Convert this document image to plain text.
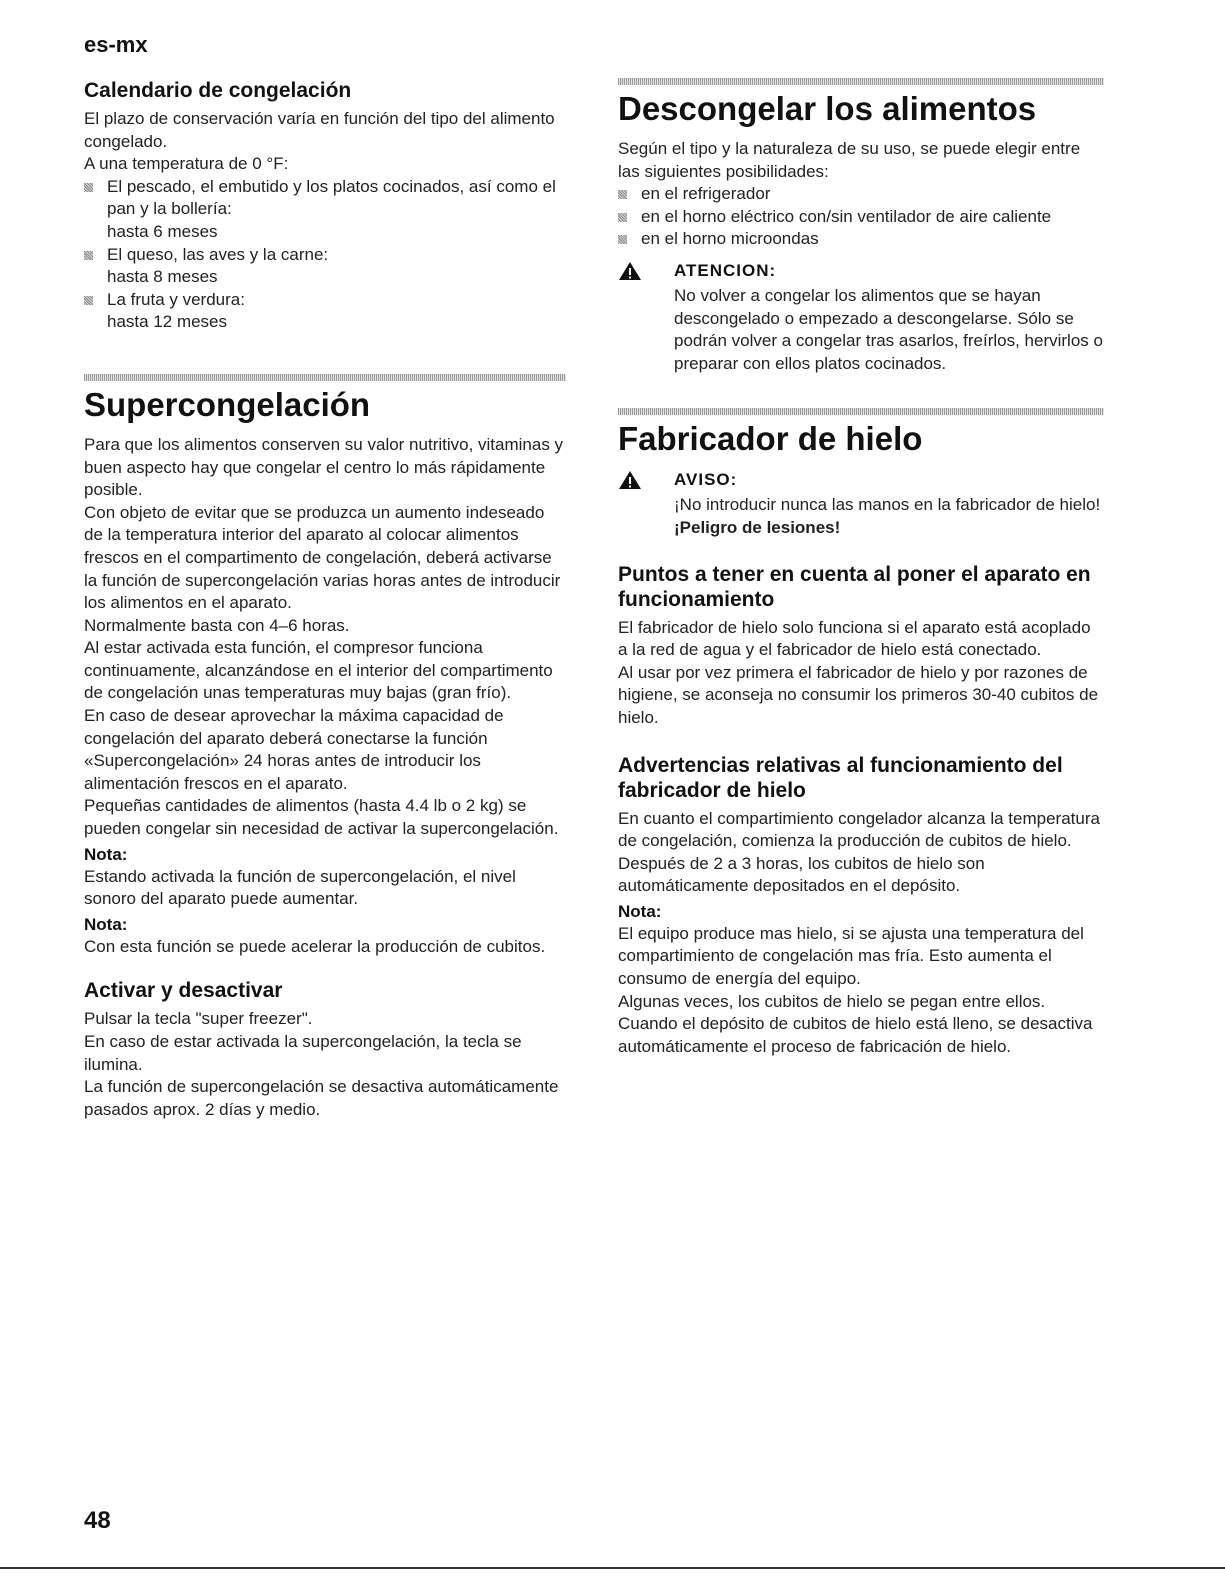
es-mx
Calendario de congelación

El plazo de conservación varía en función del tipo del alimento congelado.

A una temperatura de 0 °F:

El pescado, el embutido y los platos cocinados, así como el pan y la bollería:
hasta 6 meses
El queso, las aves y la carne:
hasta 8 meses
La fruta y verdura:
hasta 12 meses
Supercongelación

Para que los alimentos conserven su valor nutritivo, vitaminas y buen aspecto hay que congelar el centro lo más rápidamente posible.

Con objeto de evitar que se produzca un aumento indeseado de la temperatura interior del aparato al colocar alimentos frescos en el compartimento de congelación, deberá activarse la función de supercongelación varias horas antes de introducir los alimentos en el aparato.

Normalmente basta con 4–6 horas.

Al estar activada esta función, el compresor funciona continuamente, alcanzándose en el interior del compartimento de congelación unas temperaturas muy bajas (gran frío).

En caso de desear aprovechar la máxima capacidad de congelación del aparato deberá conectarse la función «Supercongelación» 24 horas antes de introducir los alimentación frescos en el aparato.

Pequeñas cantidades de alimentos (hasta 4.4 lb o 2 kg) se pueden congelar sin necesidad de activar la supercongelación.

Nota:

Estando activada la función de supercongelación, el nivel sonoro del aparato puede aumentar.

Nota:

Con esta función se puede acelerar la producción de cubitos.

Activar y desactivar

Pulsar la tecla "super freezer".

En caso de estar activada la supercongelación, la tecla se ilumina.

La función de supercongelación se desactiva automáticamente pasados aprox. 2 días y medio.

Descongelar los alimentos

Según el tipo y la naturaleza de su uso, se puede elegir entre las siguientes posibilidades:

en el refrigerador
en el horno eléctrico con/sin ventilador de aire caliente
en el horno microondas
ATENCION:

No volver a congelar los alimentos que se hayan descongelado o empezado a descongelarse. Sólo se podrán volver a congelar tras asarlos, freírlos, hervirlos o preparar con ellos platos cocinados.

Fabricador de hielo
AVISO:

¡No introducir nunca las manos en la fabricador de hielo! ¡Peligro de lesiones!

Puntos a tener en cuenta al poner el aparato en funcionamiento

El fabricador de hielo solo funciona si el aparato está acoplado a la red de agua y el fabricador de hielo está conectado.

Al usar por vez primera el fabricador de hielo y por razones de higiene, se aconseja no consumir los primeros 30-40 cubitos de hielo.

Advertencias relativas al funcionamiento del fabricador de hielo

En cuanto el compartimiento congelador alcanza la temperatura de congelación, comienza la producción de cubitos de hielo. Después de 2 a 3 horas, los cubitos de hielo son automáticamente depositados en el depósito.

Nota:

El equipo produce mas hielo, si se ajusta una temperatura del compartimiento de congelación mas fría. Esto aumenta el consumo de energía del equipo.

Algunas veces, los cubitos de hielo se pegan entre ellos.

Cuando el depósito de cubitos de hielo está lleno, se desactiva automáticamente el proceso de fabricación de hielo.

48
